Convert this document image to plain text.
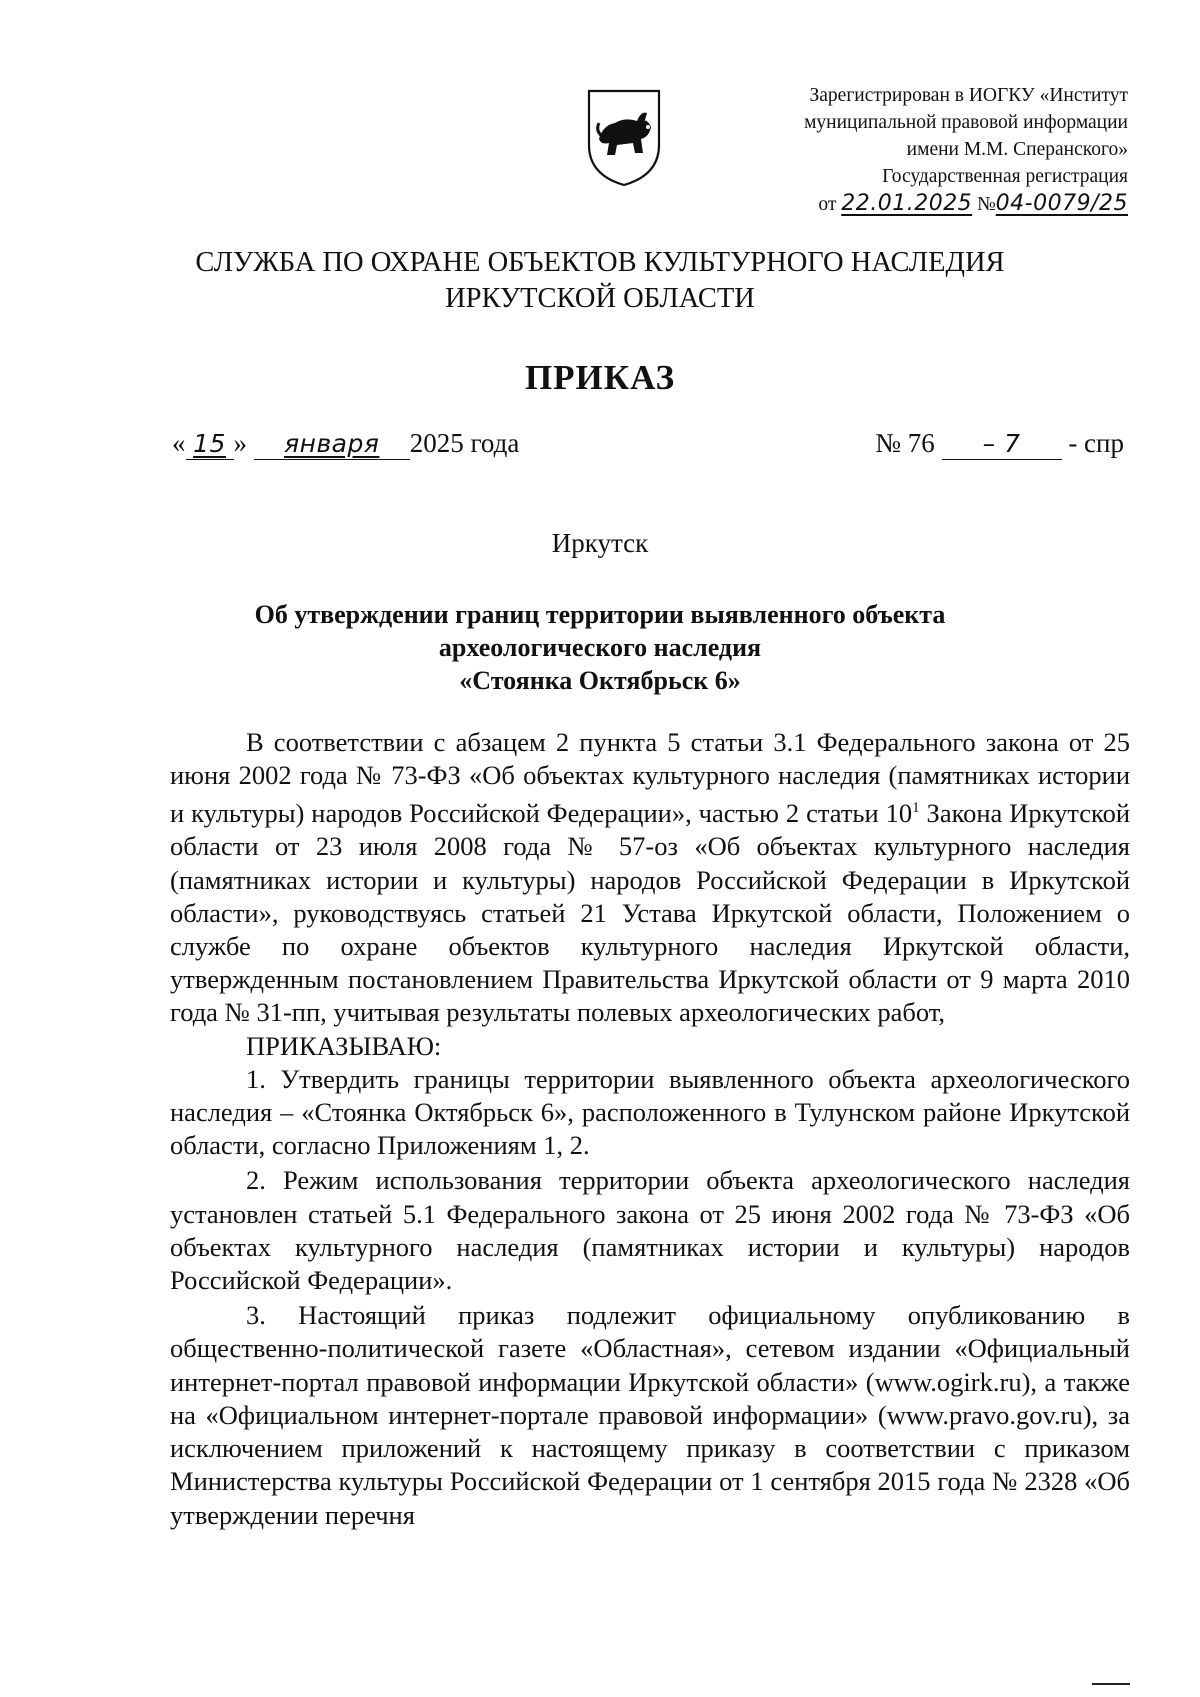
Зарегистрирован в ИОГКУ «Институт
муниципальной правовой информации
имени М.М. Сперанского»
Государственная регистрация
от 22.01.2025 №04-0079/25
СЛУЖБА ПО ОХРАНЕ ОБЪЕКТОВ КУЛЬТУРНОГО НАСЛЕДИЯ
ИРКУТСКОЙ ОБЛАСТИ
ПРИКАЗ
« 15 » января 2025 года	№ 76 – 7 - спр
Иркутск
Об утверждении границ территории выявленного объекта
археологического наследия
«Стоянка Октябрьск 6»

В соответствии с абзацем 2 пункта 5 статьи 3.1 Федерального закона от 25 июня 2002 года № 73-ФЗ «Об объектах культурного наследия (памятниках истории и культуры) народов Российской Федерации», частью 2 статьи $10^1$ Закона Иркутской области от 23 июля 2008 года № 57-оз «Об объектах культурного наследия (памятниках истории и культуры) народов Российской Федерации в Иркутской области», руководствуясь статьей 21 Устава Иркутской области, Положением о службе по охране объектов культурного наследия Иркутской области, утвержденным постановлением Правительства Иркутской области от 9 марта 2010 года № 31-пп, учитывая результаты полевых археологических работ,

ПРИКАЗЫВАЮ:

1. Утвердить границы территории выявленного объекта археологического наследия – «Стоянка Октябрьск 6», расположенного в Тулунском районе Иркутской области, согласно Приложениям 1, 2.

2. Режим использования территории объекта археологического наследия установлен статьей 5.1 Федерального закона от 25 июня 2002 года № 73-ФЗ «Об объектах культурного наследия (памятниках истории и культуры) народов Российской Федерации».

3. Настоящий приказ подлежит официальному опубликованию в общественно-политической газете «Областная», сетевом издании «Официальный интернет-портал правовой информации Иркутской области» (www.ogirk.ru), а также на «Официальном интернет-портале правовой информации» (www.pravo.gov.ru), за исключением приложений к настоящему приказу в соответствии с приказом Министерства культуры Российской Федерации от 1 сентября 2015 года № 2328 «Об утверждении перечня
